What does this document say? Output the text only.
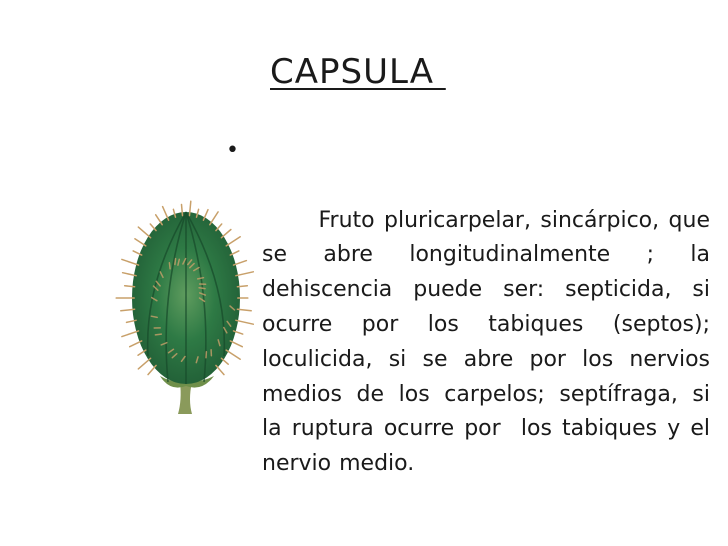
CAPSULA

•

Fruto pluricarpelar, sincárpico, que se abre longitudinalmente ; la dehiscencia puede ser: septicida, si ocurre por los tabiques (septos); loculicida, si se abre por los nervios medios de los carpelos; septífraga, si  la ruptura ocurre por  los tabiques y el nervio medio.
